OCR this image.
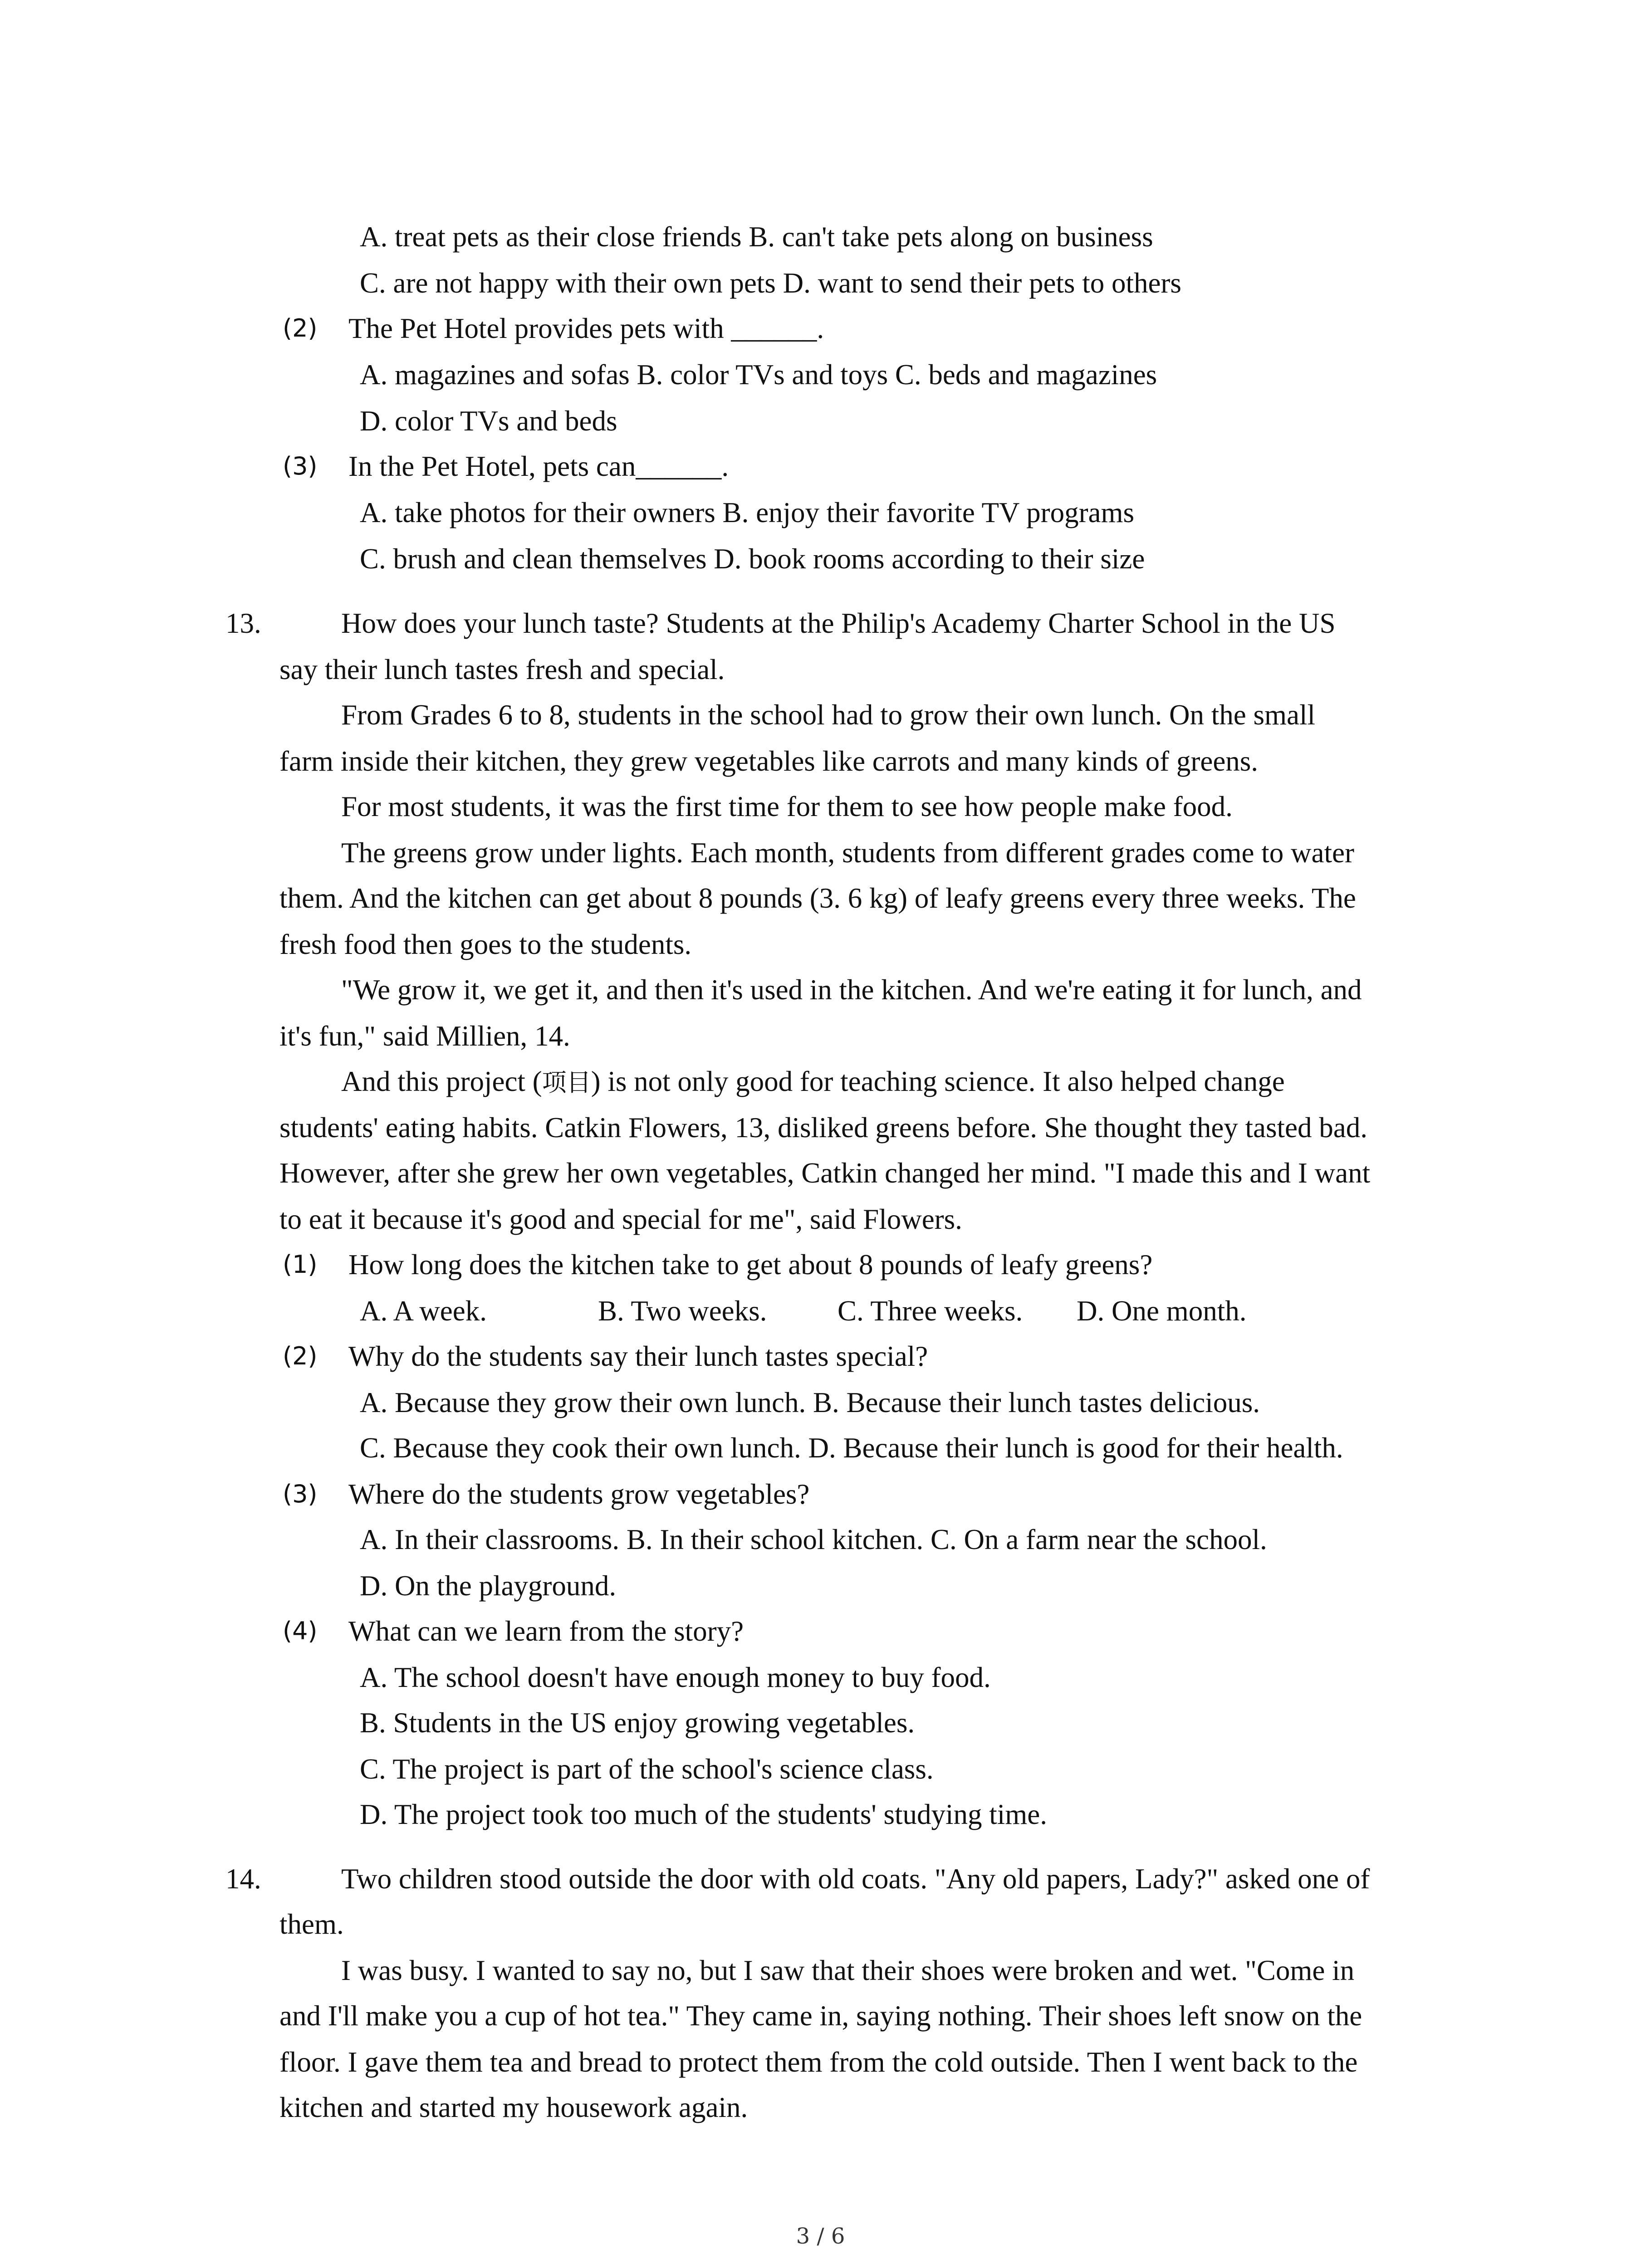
A. treat pets as their close friends B. can't take pets along on business
C. are not happy with their own pets D. want to send their pets to others
(2) The Pet Hotel provides pets with ______.
A. magazines and sofas B. color TVs and toys C. beds and magazines
D. color TVs and beds
(3) In the Pet Hotel, pets can______.
A. take photos for their owners B. enjoy their favorite TV programs
C. brush and clean themselves D. book rooms according to their size
13.	How does your lunch taste? Students at the Philip's Academy Charter School in the US
say their lunch tastes fresh and special.
From Grades 6 to 8, students in the school had to grow their own lunch. On the small
farm inside their kitchen, they grew vegetables like carrots and many kinds of greens.
For most students, it was the first time for them to see how people make food.
The greens grow under lights. Each month, students from different grades come to water
them. And the kitchen can get about 8 pounds (3. 6 kg) of leafy greens every three weeks. The
fresh food then goes to the students.
"We grow it, we get it, and then it's used in the kitchen. And we're eating it for lunch, and
it's fun," said Millien, 14.
And this project (项目) is not only good for teaching science. It also helped change
students' eating habits. Catkin Flowers, 13, disliked greens before. She thought they tasted bad.
However, after she grew her own vegetables, Catkin changed her mind. "I made this and I want
to eat it because it's good and special for me", said Flowers.
(1) How long does the kitchen take to get about 8 pounds of leafy greens?
A. A week.	B. Two weeks. C. Three weeks. D. One month.
(2) Why do the students say their lunch tastes special?
A. Because they grow their own lunch. B. Because their lunch tastes delicious.
C. Because they cook their own lunch. D. Because their lunch is good for their health.
(3) Where do the students grow vegetables?
A. In their classrooms. B. In their school kitchen. C. On a farm near the school.
D. On the playground.
(4) What can we learn from the story?
A. The school doesn't have enough money to buy food.
B. Students in the US enjoy growing vegetables.
C. The project is part of the school's science class.
D. The project took too much of the students' studying time.
14.	Two children stood outside the door with old coats. "Any old papers, Lady?" asked one of
them.
I was busy. I wanted to say no, but I saw that their shoes were broken and wet. "Come in
and I'll make you a cup of hot tea." They came in, saying nothing. Their shoes left snow on the
floor. I gave them tea and bread to protect them from the cold outside. Then I went back to the
kitchen and started my housework again.
3 / 6
